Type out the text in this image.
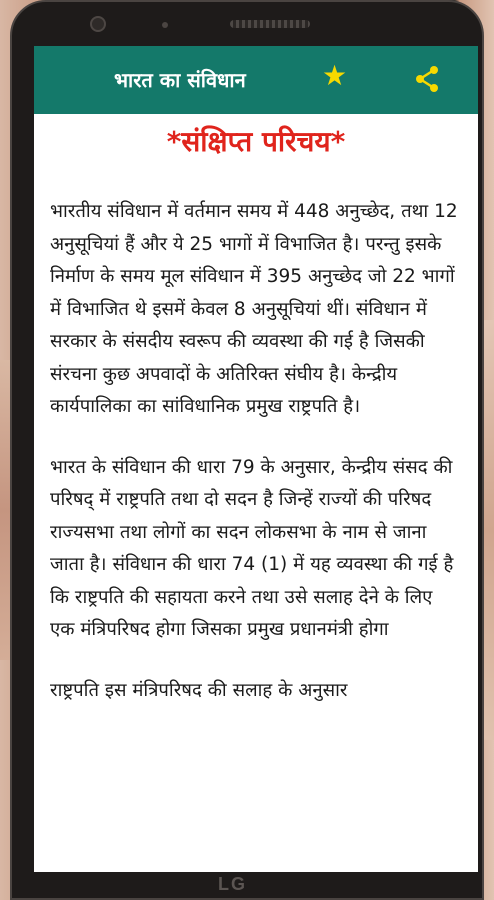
भारत का संविधान	★
*संक्षिप्त परिचय*

भारतीय संविधान में वर्तमान समय में 448 अनुच्छेद, तथा 12 अनुसूचियां हैं और ये 25 भागों में विभाजित है। परन्तु इसके निर्माण के समय मूल संविधान में 395 अनुच्छेद जो 22 भागों में विभाजित थे इसमें केवल 8 अनुसूचियां थीं। संविधान में सरकार के संसदीय स्वरूप की व्यवस्था की गई है जिसकी संरचना कुछ अपवादों के अतिरिक्त संघीय है। केन्द्रीय कार्यपालिका का सांविधानिक प्रमुख राष्ट्रपति है।

भारत के संविधान की धारा 79 के अनुसार, केन्द्रीय संसद की परिषद् में राष्ट्रपति तथा दो सदन है जिन्हें राज्यों की परिषद राज्यसभा तथा लोगों का सदन लोकसभा के नाम से जाना जाता है। संविधान की धारा 74 (1) में यह व्यवस्था की गई है कि राष्ट्रपति की सहायता करने तथा उसे सलाह देने के लिए एक मंत्रिपरिषद होगा जिसका प्रमुख प्रधानमंत्री होगा

राष्ट्रपति इस मंत्रिपरिषद की सलाह के अनुसार

LG
